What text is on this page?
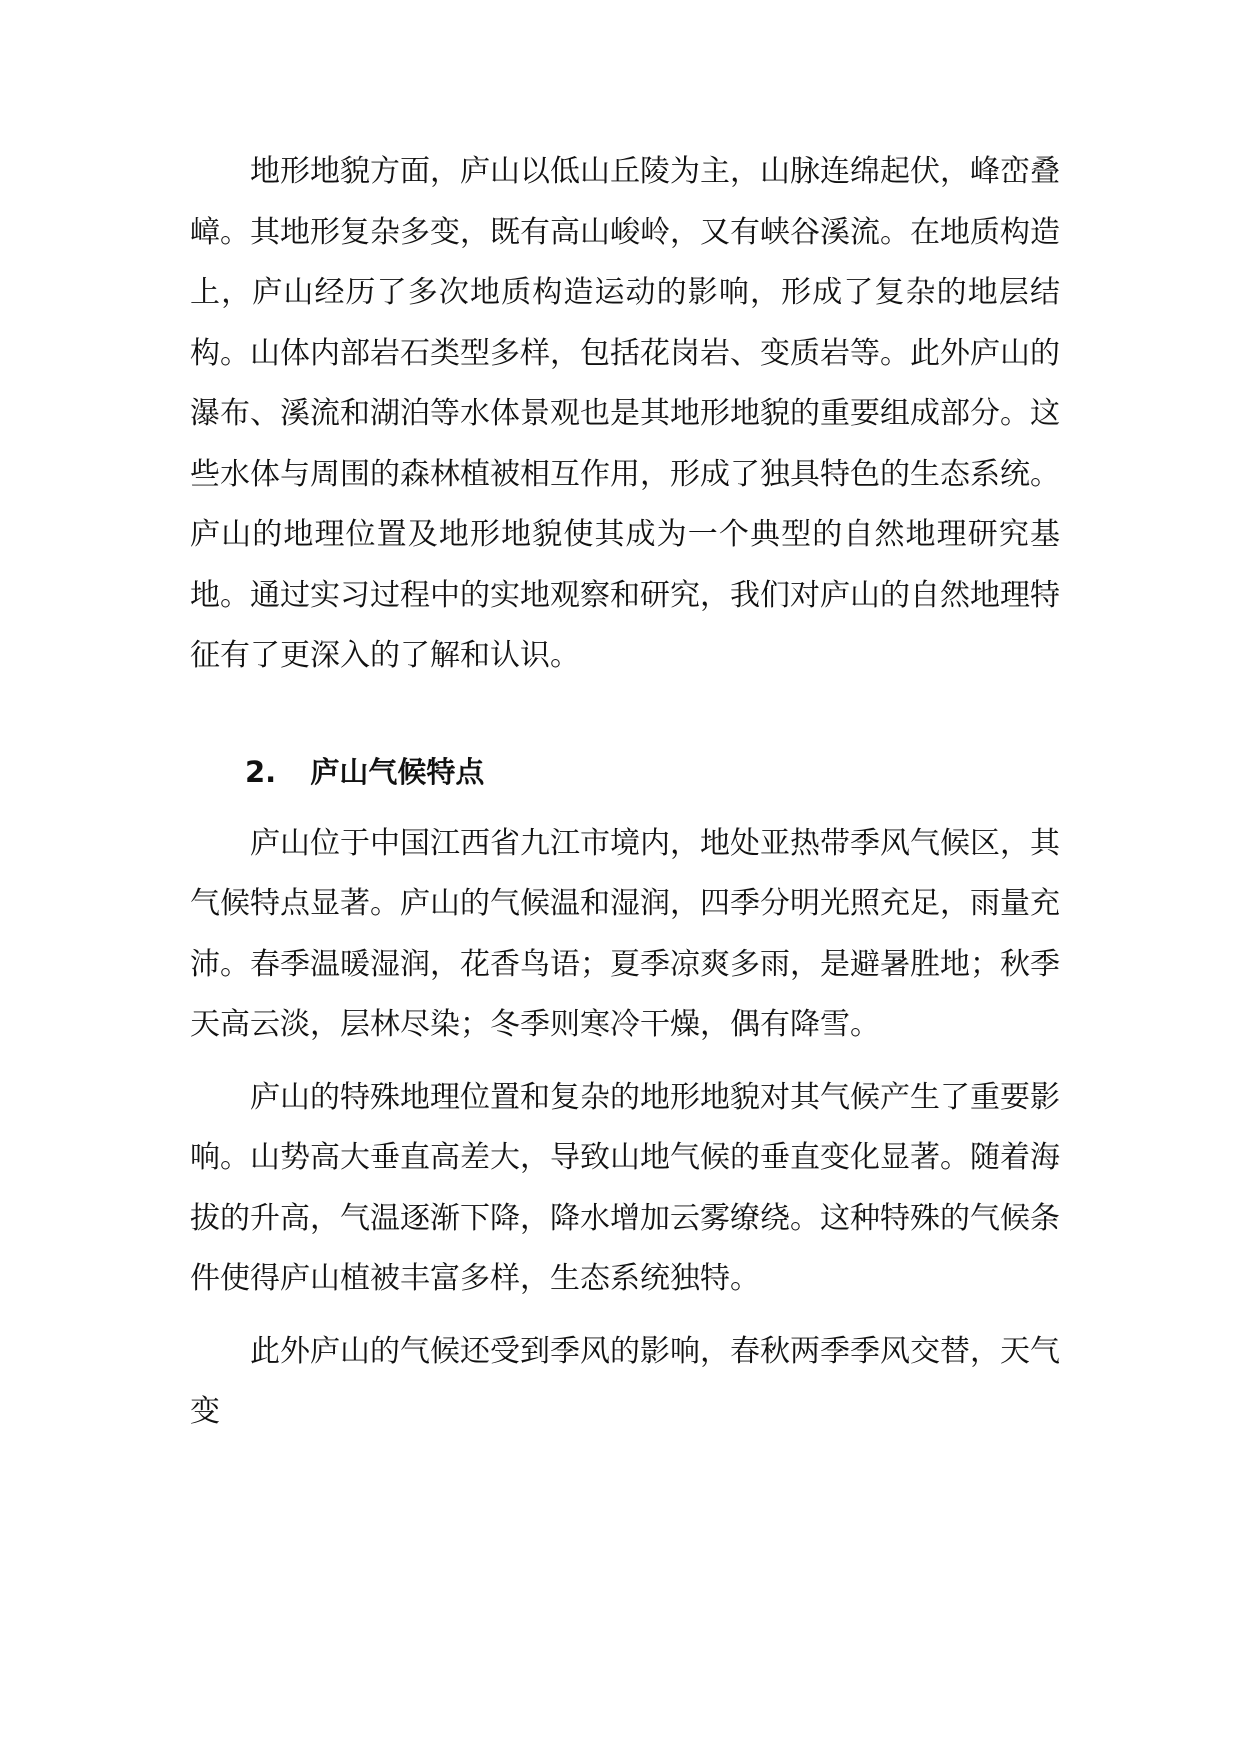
地形地貌方面，庐山以低山丘陵为主，山脉连绵起伏，峰峦叠嶂。其地形复杂多变，既有高山峻岭，又有峡谷溪流。在地质构造上，庐山经历了多次地质构造运动的影响，形成了复杂的地层结构。山体内部岩石类型多样，包括花岗岩、变质岩等。此外庐山的瀑布、溪流和湖泊等水体景观也是其地形地貌的重要组成部分。这些水体与周围的森林植被相互作用，形成了独具特色的生态系统。庐山的地理位置及地形地貌使其成为一个典型的自然地理研究基地。通过实习过程中的实地观察和研究，我们对庐山的自然地理特征有了更深入的了解和认识。

2. 庐山气候特点

庐山位于中国江西省九江市境内，地处亚热带季风气候区，其气候特点显著。庐山的气候温和湿润，四季分明光照充足，雨量充沛。春季温暖湿润，花香鸟语；夏季凉爽多雨，是避暑胜地；秋季天高云淡，层林尽染；冬季则寒冷干燥，偶有降雪。

庐山的特殊地理位置和复杂的地形地貌对其气候产生了重要影响。山势高大垂直高差大，导致山地气候的垂直变化显著。随着海拔的升高，气温逐渐下降，降水增加云雾缭绕。这种特殊的气候条件使得庐山植被丰富多样，生态系统独特。

此外庐山的气候还受到季风的影响，春秋两季季风交替，天气变
